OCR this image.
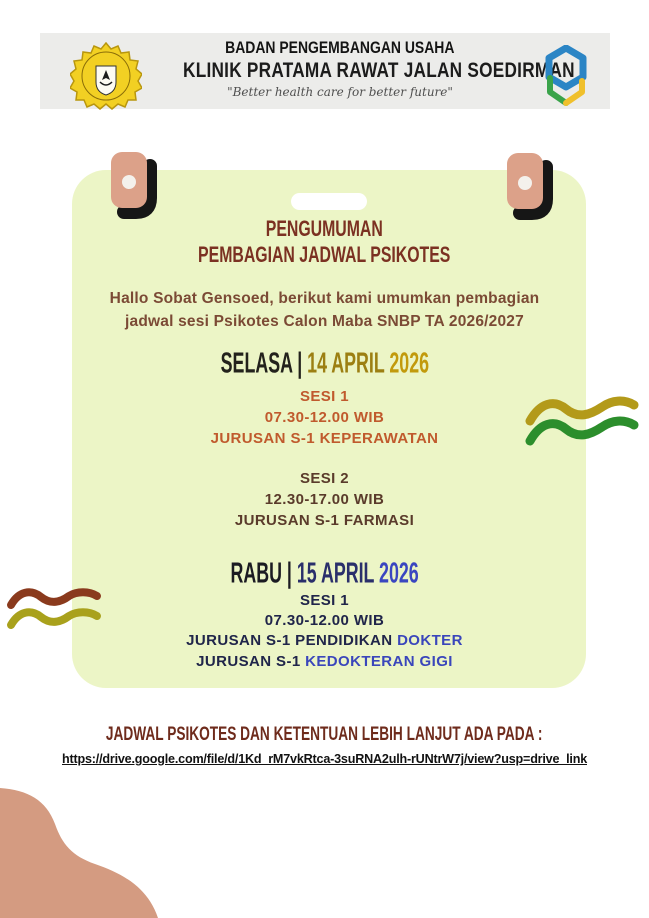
BADAN PENGEMBANGAN USAHA
KLINIK PRATAMA RAWAT JALAN SOEDIRMAN
"Better health care for better future"
PENGUMUMAN
PEMBAGIAN JADWAL PSIKOTES
Hallo Sobat Gensoed, berikut kami umumkan pembagian
jadwal sesi Psikotes Calon Maba SNBP TA 2026/2027
SELASA | 14 APRIL 2026
SESI 1
07.30-12.00 WIB
JURUSAN S-1 KEPERAWATAN
SESI 2
12.30-17.00 WIB
JURUSAN S-1 FARMASI
RABU | 15 APRIL 2026
SESI 1
07.30-12.00 WIB
JURUSAN S-1 PENDIDIKAN DOKTER
JURUSAN S-1 KEDOKTERAN GIGI
JADWAL PSIKOTES DAN KETENTUAN LEBIH LANJUT ADA PADA :
https://drive.google.com/file/d/1Kd_rM7vkRtca-3suRNA2ulh-rUNtrW7j/view?usp=drive_link
